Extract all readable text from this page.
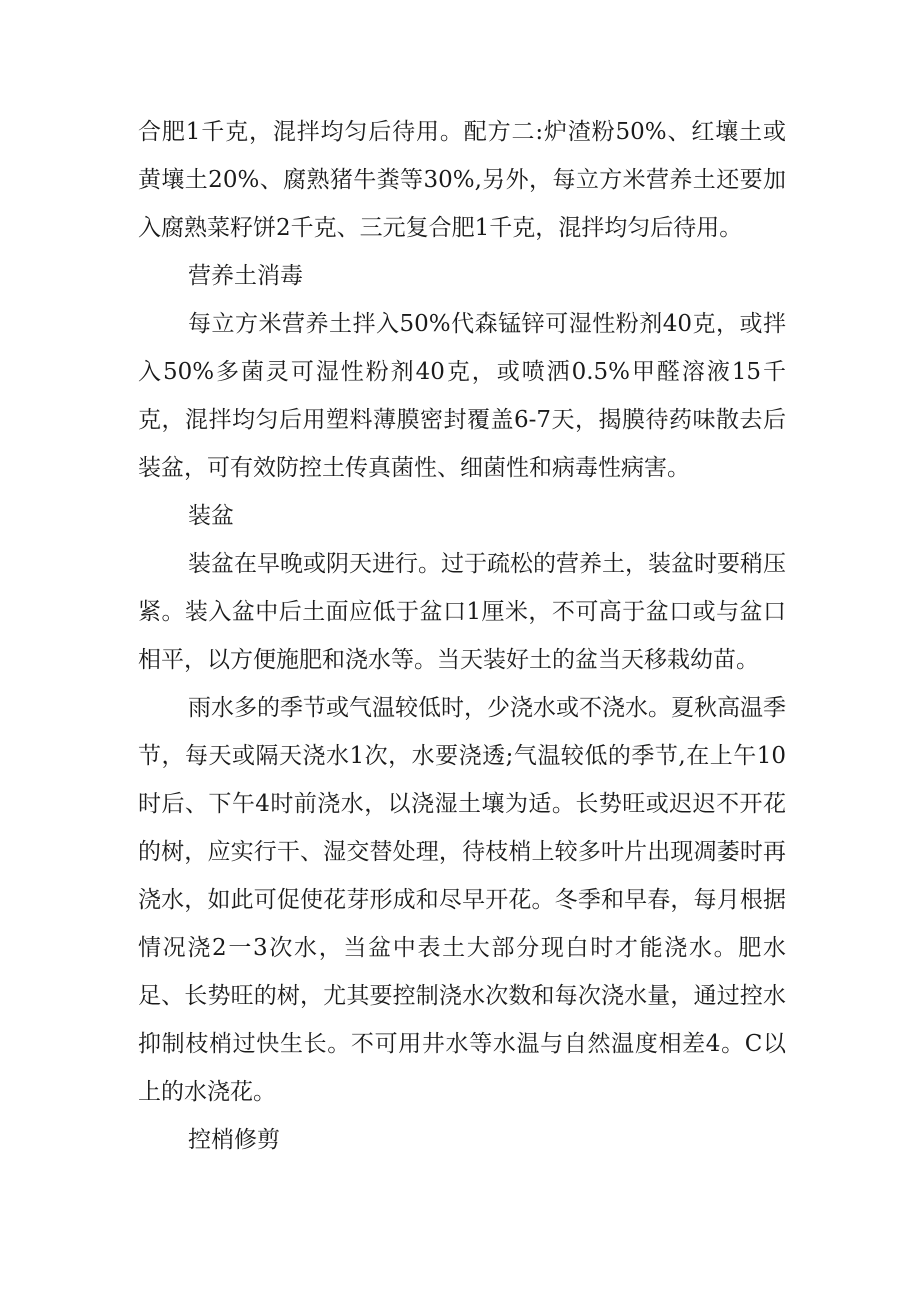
合肥1千克，混拌均匀后待用。配方二:炉渣粉50%、红壤土或黄壤土20%、腐熟猪牛粪等30%,另外，每立方米营养土还要加入腐熟菜籽饼2千克、三元复合肥1千克，混拌均匀后待用。

营养土消毒

每立方米营养土拌入50%代森锰锌可湿性粉剂40克，或拌入50%多菌灵可湿性粉剂40克，或喷洒0.5%甲醛溶液15千克，混拌均匀后用塑料薄膜密封覆盖6-7天，揭膜待药味散去后装盆，可有效防控土传真菌性、细菌性和病毒性病害。

装盆

装盆在早晚或阴天进行。过于疏松的营养土，装盆时要稍压紧。装入盆中后土面应低于盆口1厘米，不可高于盆口或与盆口相平，以方便施肥和浇水等。当天装好土的盆当天移栽幼苗。

雨水多的季节或气温较低时，少浇水或不浇水。夏秋高温季节，每天或隔天浇水1次，水要浇透;气温较低的季节,在上午10时后、下午4时前浇水，以浇湿土壤为适。长势旺或迟迟不开花的树，应实行干、湿交替处理，待枝梢上较多叶片出现凋萎时再浇水，如此可促使花芽形成和尽早开花。冬季和早春，每月根据情况浇2一3次水，当盆中表土大部分现白时才能浇水。肥水足、长势旺的树，尤其要控制浇水次数和每次浇水量，通过控水抑制枝梢过快生长。不可用井水等水温与自然温度相差4。C以上的水浇花。

控梢修剪
